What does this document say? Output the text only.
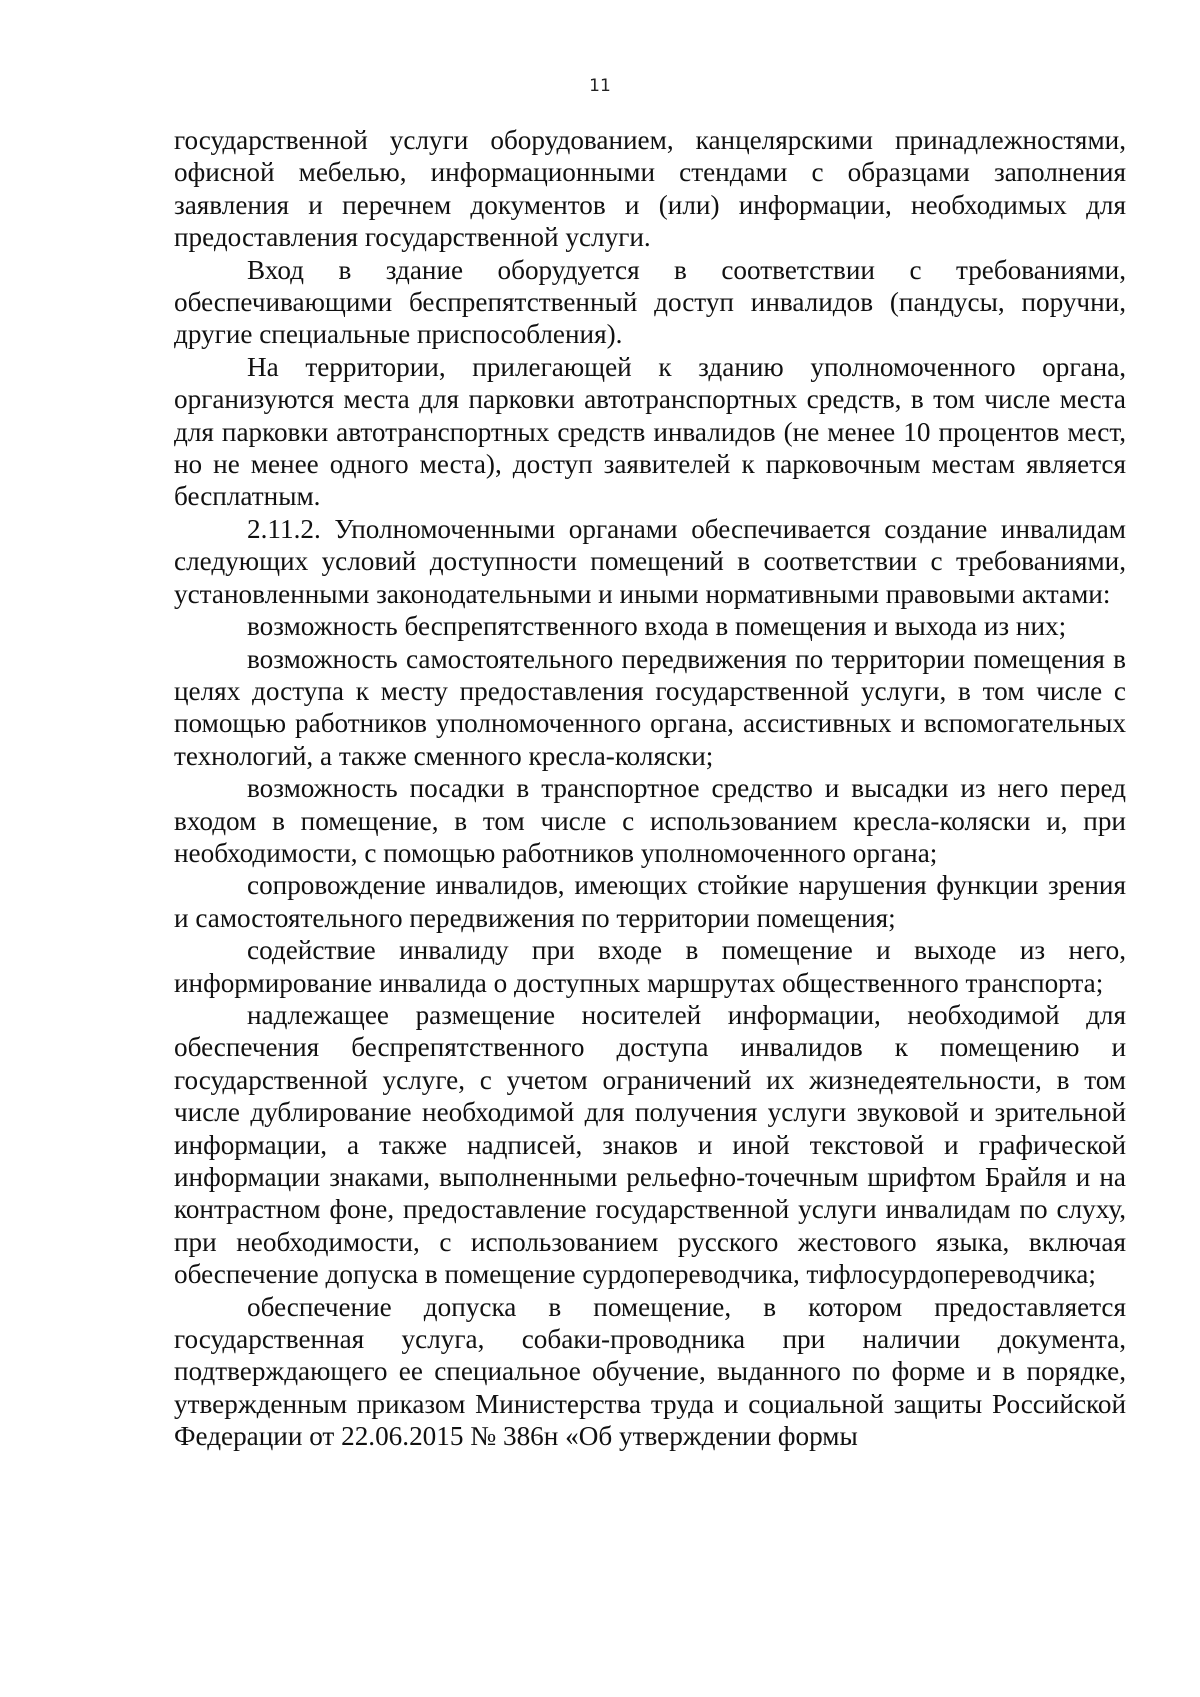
11

государственной услуги оборудованием, канцелярскими принадлежностями, офисной мебелью, информационными стендами с образцами заполнения заявления и перечнем документов и (или) информации, необходимых для предоставления государственной услуги.

Вход в здание оборудуется в соответствии с требованиями, обеспечивающими беспрепятственный доступ инвалидов (пандусы, поручни, другие специальные приспособления).

На территории, прилегающей к зданию уполномоченного органа, организуются места для парковки автотранспортных средств, в том числе места для парковки автотранспортных средств инвалидов (не менее 10 процентов мест, но не менее одного места), доступ заявителей к парковочным местам является бесплатным.

2.11.2. Уполномоченными органами обеспечивается создание инвалидам следующих условий доступности помещений в соответствии с требованиями, установленными законодательными и иными нормативными правовыми актами:

возможность беспрепятственного входа в помещения и выхода из них;

возможность самостоятельного передвижения по территории помещения в целях доступа к месту предоставления государственной услуги, в том числе с помощью работников уполномоченного органа, ассистивных и вспомогательных технологий, а также сменного кресла-коляски;

возможность посадки в транспортное средство и высадки из него перед входом в помещение, в том числе с использованием кресла-коляски и, при необходимости, с помощью работников уполномоченного органа;

сопровождение инвалидов, имеющих стойкие нарушения функции зрения и самостоятельного передвижения по территории помещения;

содействие инвалиду при входе в помещение и выходе из него, информирование инвалида о доступных маршрутах общественного транспорта;

надлежащее размещение носителей информации, необходимой для обеспечения беспрепятственного доступа инвалидов к помещению и государственной услуге, с учетом ограничений их жизнедеятельности, в том числе дублирование необходимой для получения услуги звуковой и зрительной информации, а также надписей, знаков и иной текстовой и графической информации знаками, выполненными рельефно-точечным шрифтом Брайля и на контрастном фоне, предоставление государственной услуги инвалидам по слуху, при необходимости, с использованием русского жестового языка, включая обеспечение допуска в помещение сурдопереводчика, тифлосурдопереводчика;

обеспечение допуска в помещение, в котором предоставляется государственная услуга, собаки-проводника при наличии документа, подтверждающего ее специальное обучение, выданного по форме и в порядке, утвержденным приказом Министерства труда и социальной защиты Российской Федерации от 22.06.2015 № 386н «Об утверждении формы
